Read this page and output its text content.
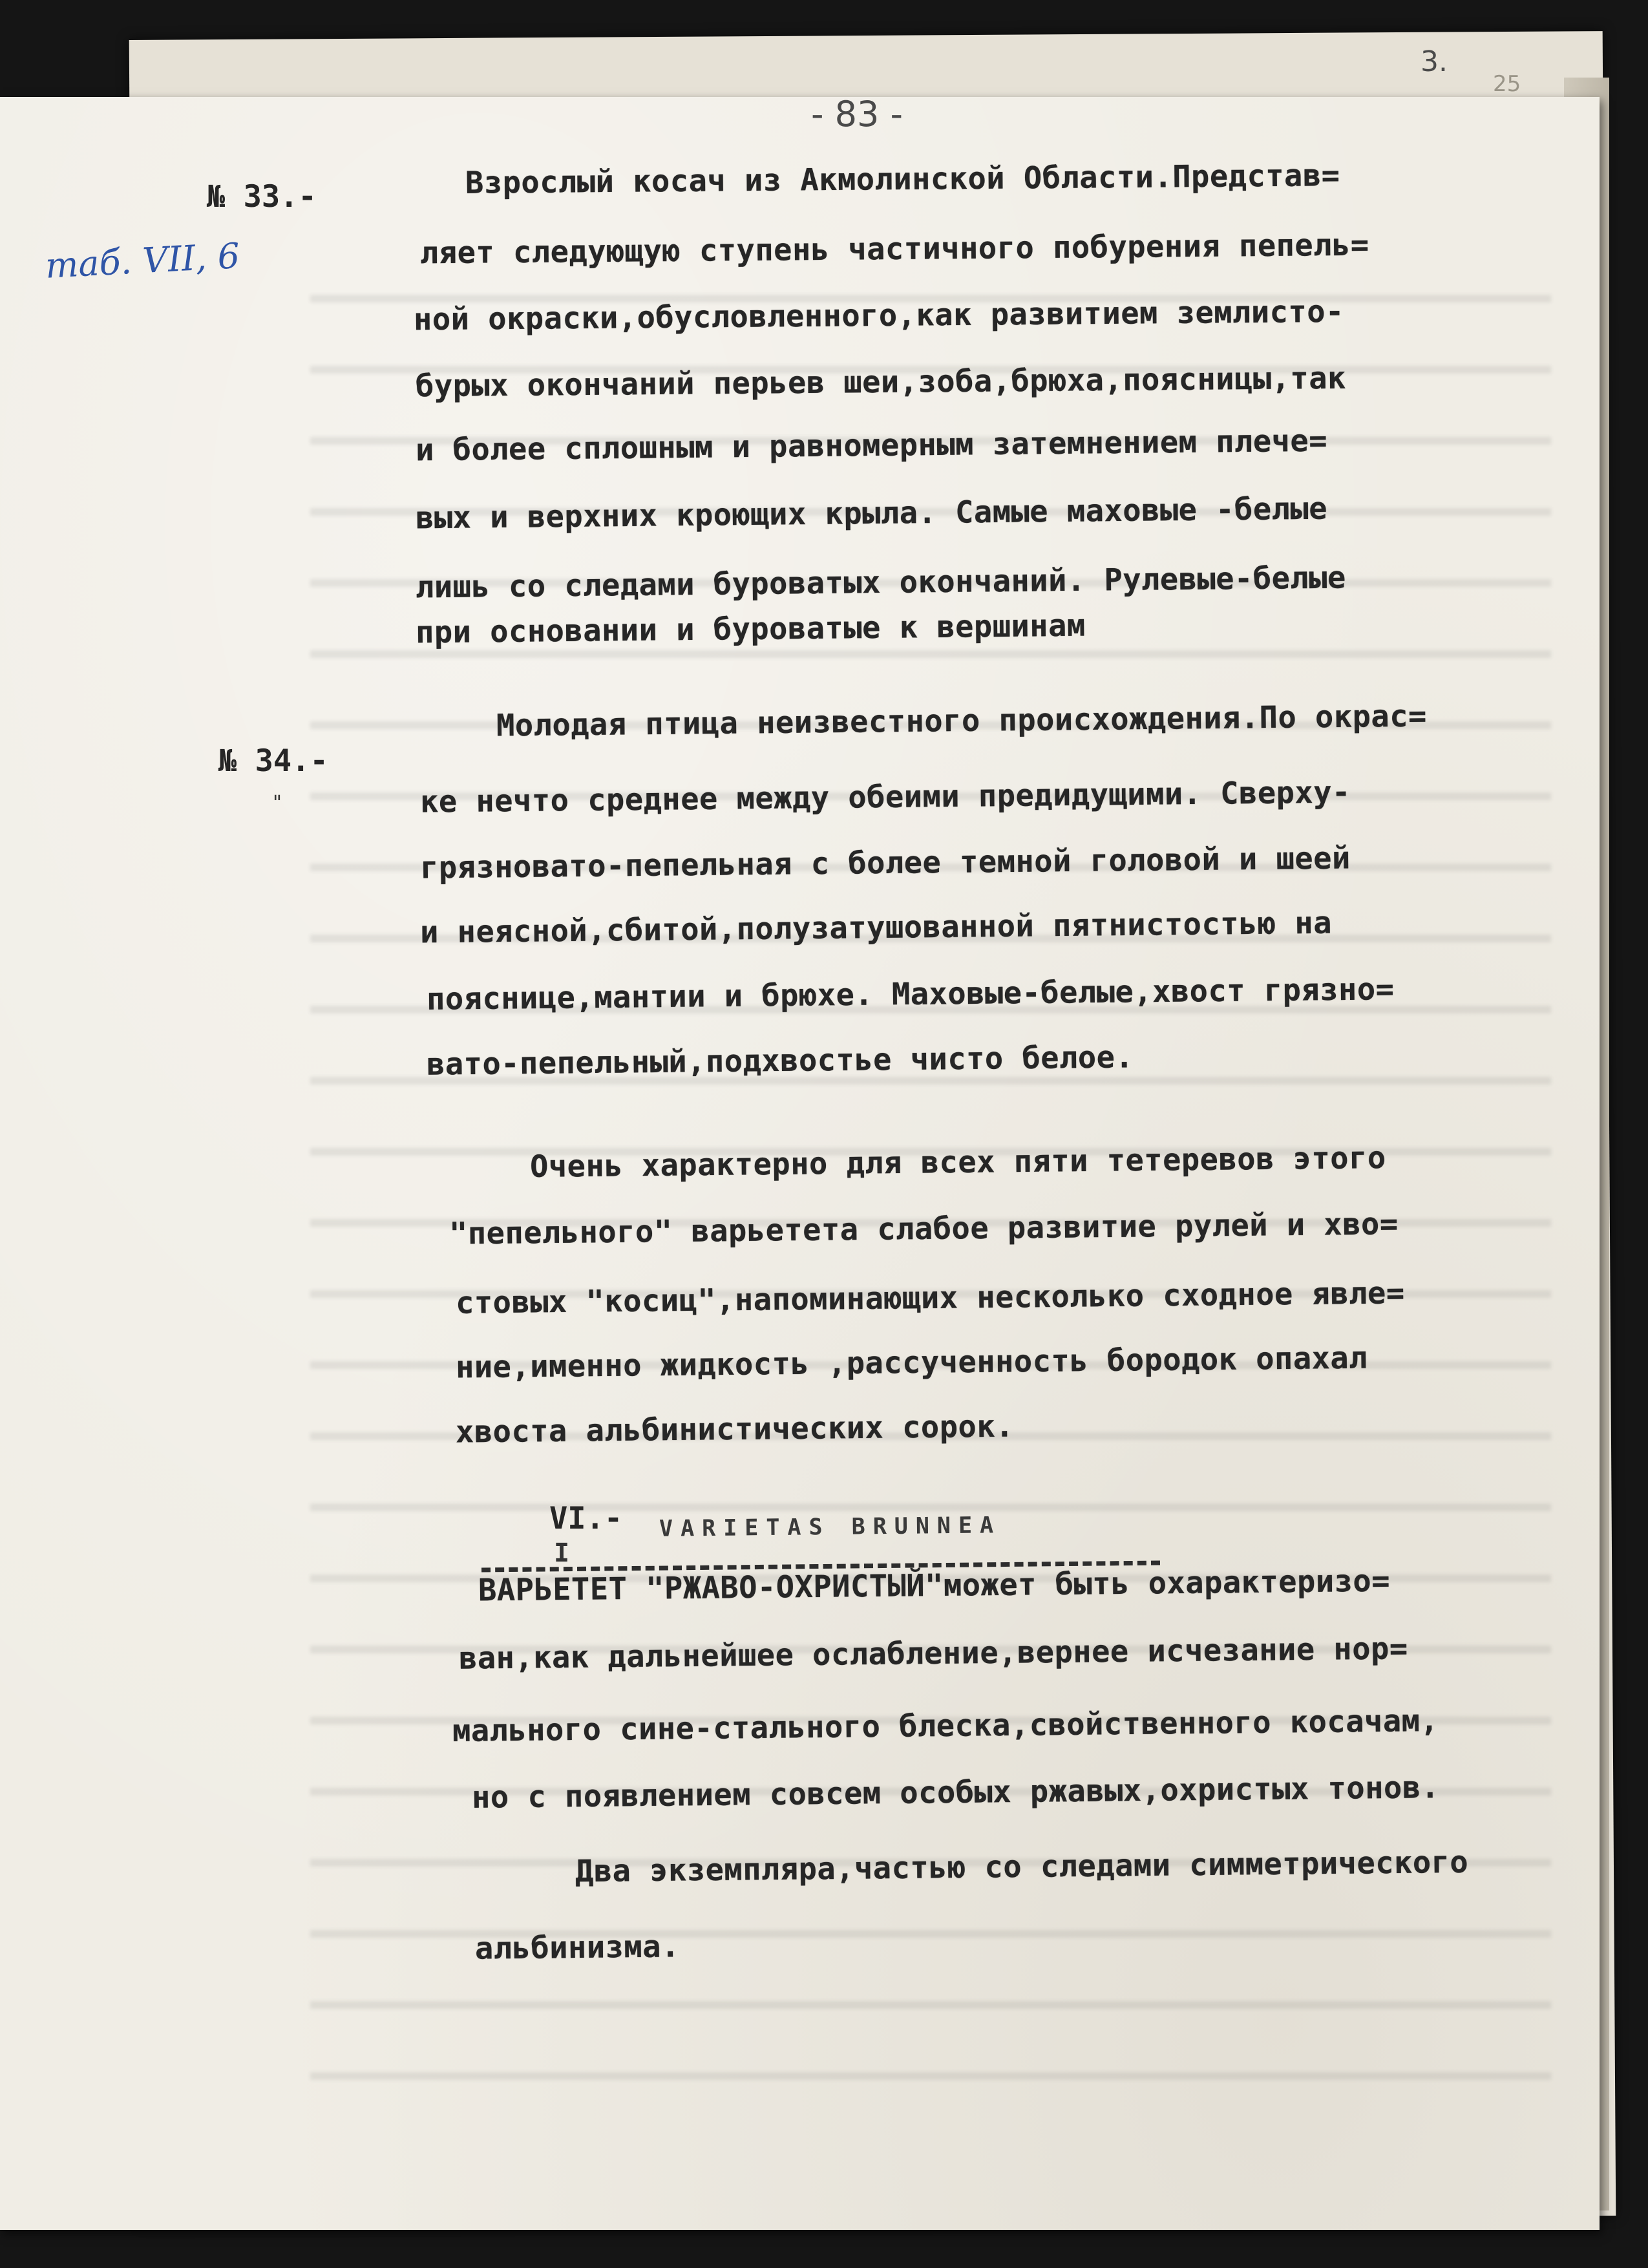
3.
25
- 83 -
таб. VII, 6
№ 33.-	Взрослый косач из Акмолинской Области.Представ=
ляет следующую ступень частичного побурения пепель=
ной окраски,обусловленного,как развитием землисто-
бурых окончаний перьев шеи,зоба,брюха,поясницы,так
и более сплошным и равномерным затемнением плече=
вых и верхних кроющих крыла. Самые маховые -белые
лишь со следами буроватых окончаний. Рулевые-белые
при основании и буроватые к вершинам
№ 34.-
"
Молодая птица неизвестного происхождения.По окрас=
ке нечто среднее между обеими предидущими. Сверху-
грязновато-пепельная с более темной головой и шеей
и неясной,сбитой,полузатушованной пятнистостью на
пояснице,мантии и брюхе. Маховые-белые,хвост грязно=
вато-пепельный,подхвостье чисто белое.
Очень характерно для всех пяти тетеревов этого
"пепельного" варьетета слабое развитие рулей и хво=
стовых "косиц",напоминающих несколько сходное явле=
ние,именно жидкость ,рассученность бородок опахал
хвоста альбинистических сорок.
VI.- VARIETAS BRUNNEA
I
ВАРЬЕТЕТ "РЖАВО-ОХРИСТЫЙ"может быть охарактеризо=
ван,как дальнейшее ослабление,вернее исчезание нор=
мального сине-стального блеска,свойственного косачам,
но с появлением совсем особых ржавых,охристых тонов.
Два экземпляра,частью со следами симметрического
альбинизма.
